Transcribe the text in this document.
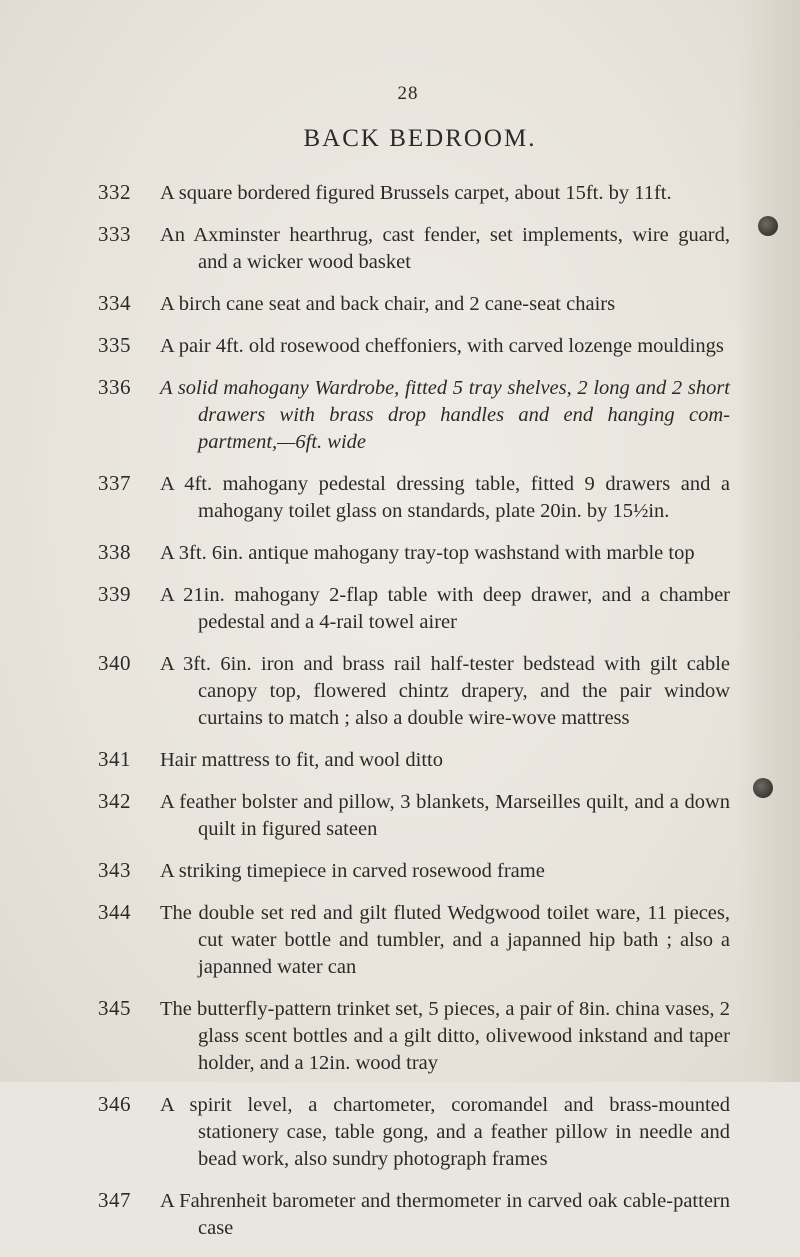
28
BACK BEDROOM.
332	A square bordered figured Brussels carpet, about 15ft. by 11ft.
333	An Axminster hearthrug, cast fender, set implements, wire guard, and a wicker wood basket
334	A birch cane seat and back chair, and 2 cane-seat chairs
335	A pair 4ft. old rosewood cheffoniers, with carved lozenge mouldings
336	A solid mahogany Wardrobe, fitted 5 tray shelves, 2 long and 2 short drawers with brass drop handles and end hanging com-partment,—6ft. wide
337	A 4ft. mahogany pedestal dressing table, fitted 9 drawers and a mahogany toilet glass on standards, plate 20in. by 15½in.
338	A 3ft. 6in. antique mahogany tray-top washstand with marble top
339	A 21in. mahogany 2-flap table with deep drawer, and a chamber pedestal and a 4-rail towel airer
340	A 3ft. 6in. iron and brass rail half-tester bedstead with gilt cable canopy top, flowered chintz drapery, and the pair window curtains to match ; also a double wire-wove mattress
341	Hair mattress to fit, and wool ditto
342	A feather bolster and pillow, 3 blankets, Marseilles quilt, and a down quilt in figured sateen
343	A striking timepiece in carved rosewood frame
344	The double set red and gilt fluted Wedgwood toilet ware, 11 pieces, cut water bottle and tumbler, and a japanned hip bath ; also a japanned water can
345	The butterfly-pattern trinket set, 5 pieces, a pair of 8in. china vases, 2 glass scent bottles and a gilt ditto, olivewood inkstand and taper holder, and a 12in. wood tray
346	A spirit level, a chartometer, coromandel and brass-mounted stationery case, table gong, and a feather pillow in needle and bead work, also sundry photograph frames
347	A Fahrenheit barometer and thermometer in carved oak cable-pattern case
